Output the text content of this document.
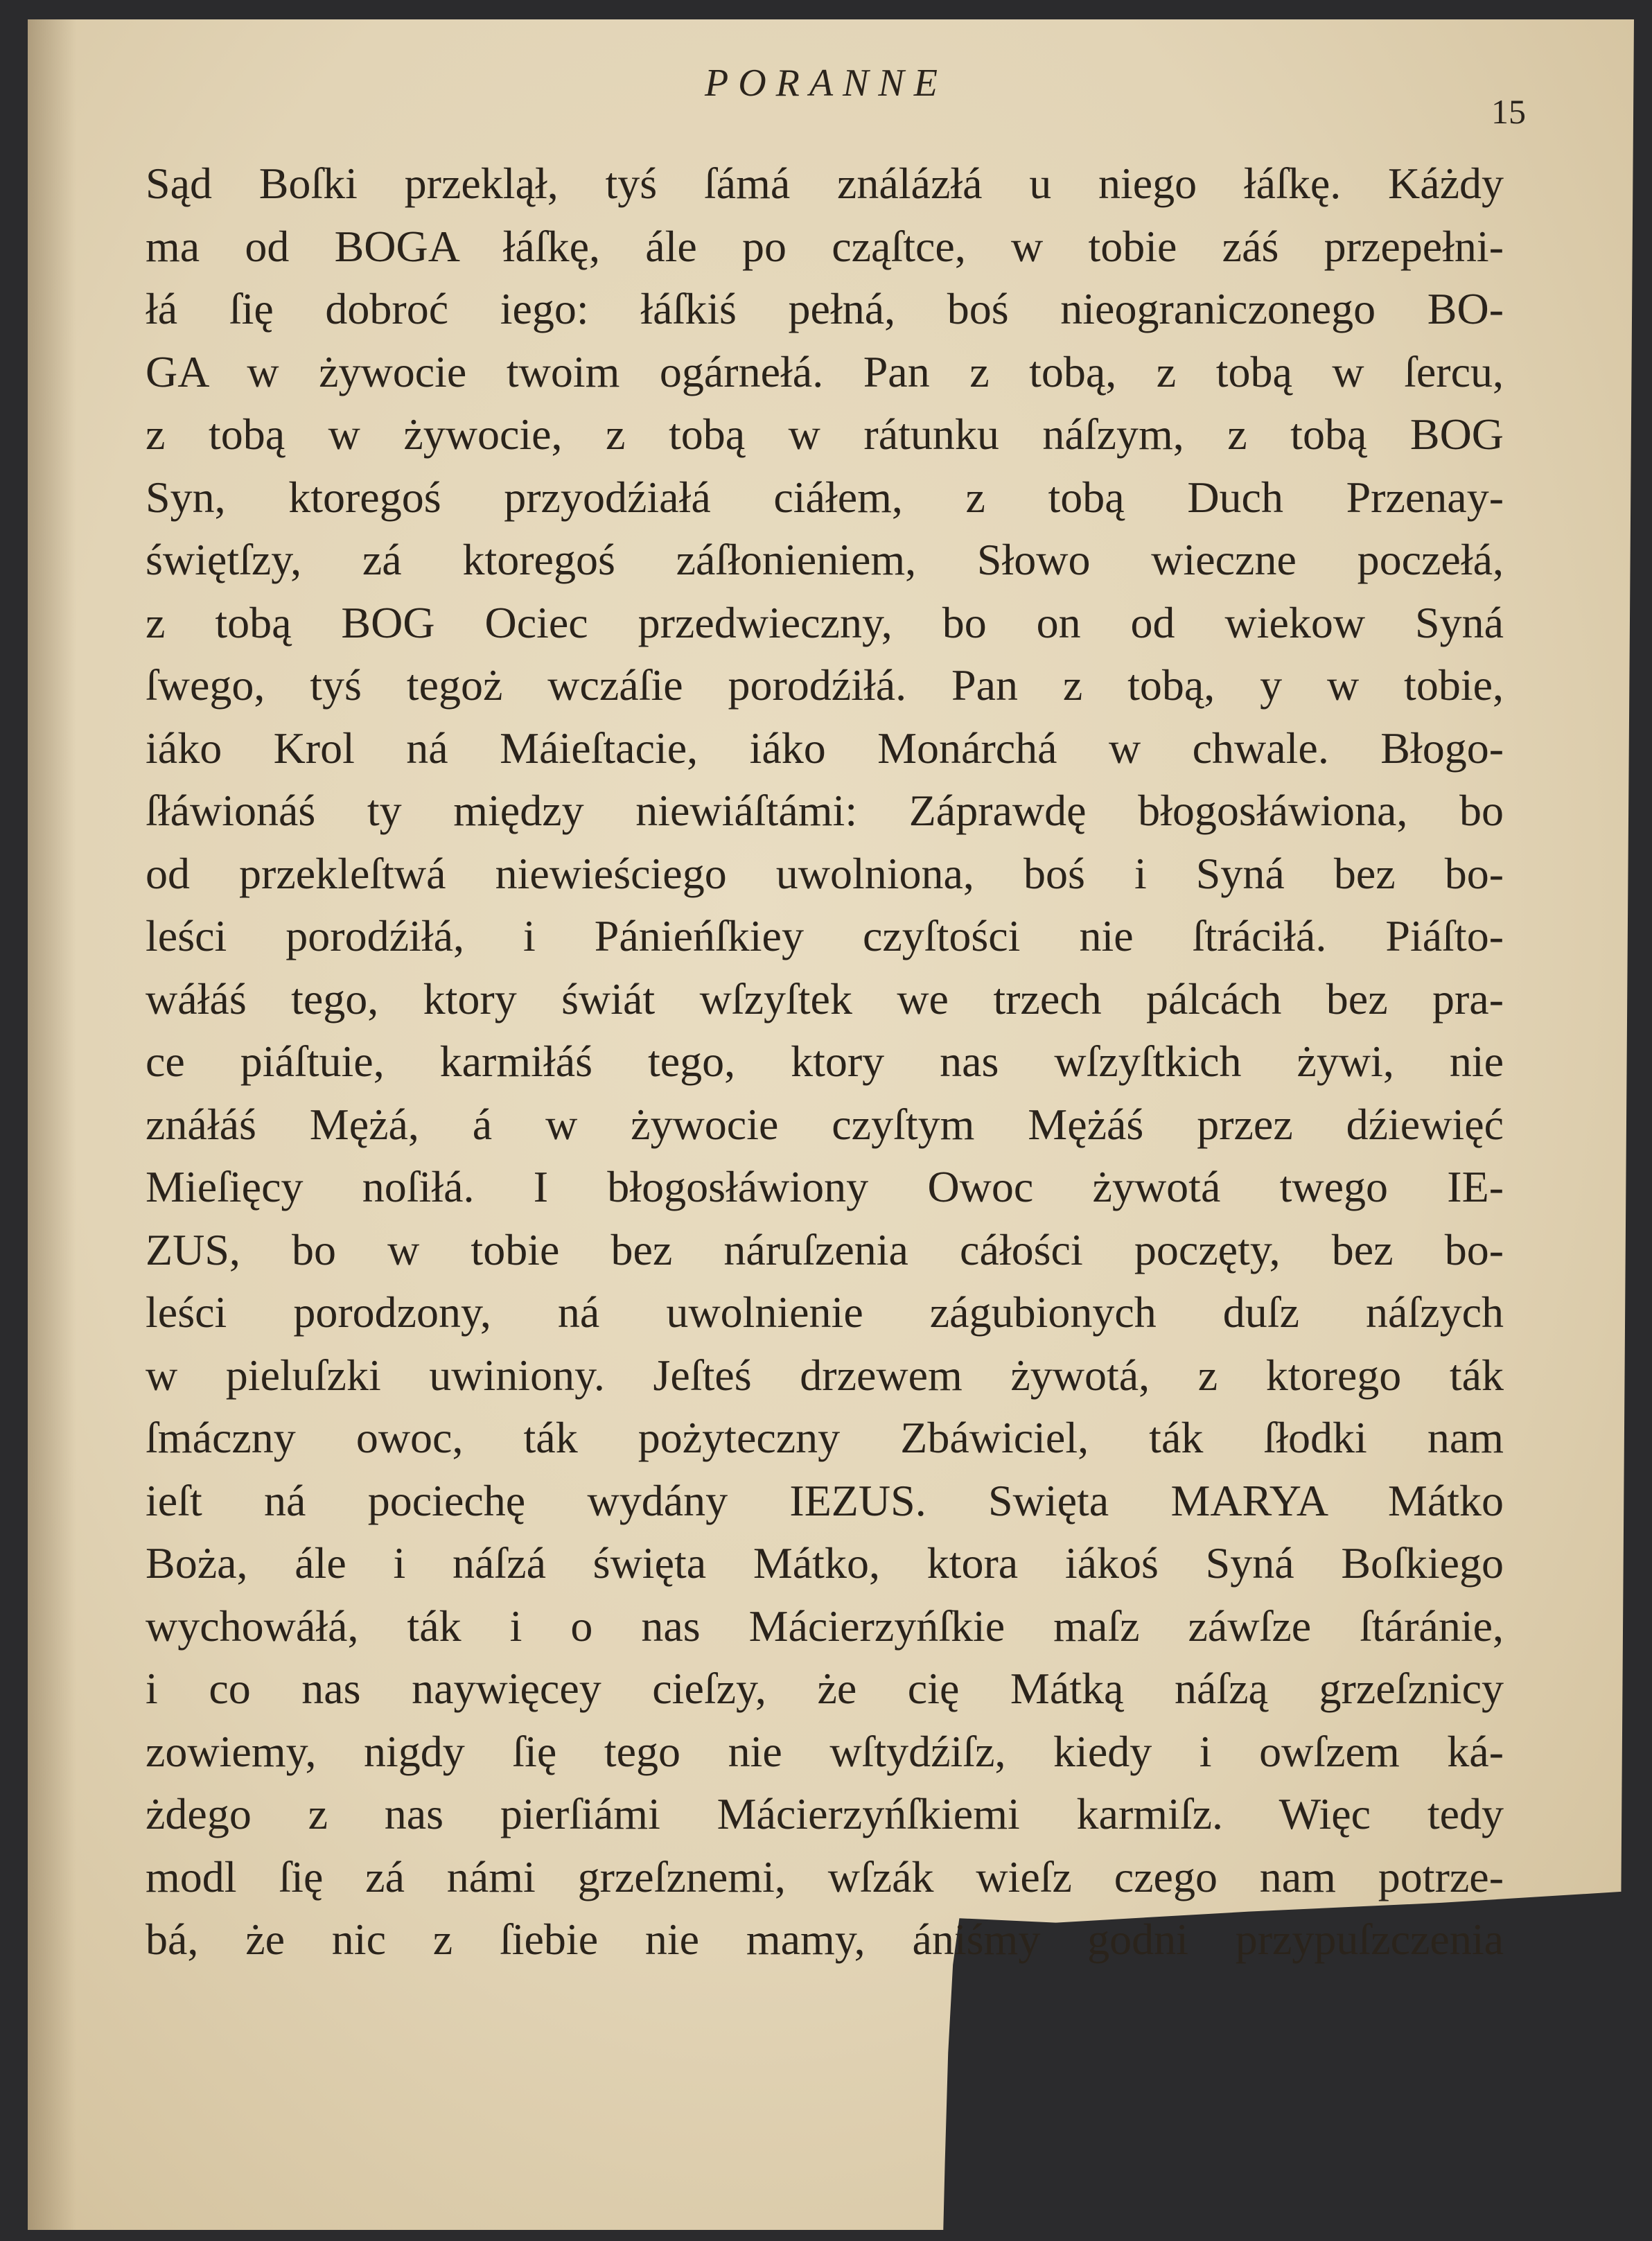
PORANNE
15
Sąd Boſki przeklął, tyś ſámá ználázłá u niego łáſkę. Káżdy
ma od BOGA łáſkę, ále po cząſtce, w tobie záś przepełni-
łá ſię dobroć iego: łáſkiś pełná, boś nieograniczonego BO-
GA w żywocie twoim ogárnełá. Pan z tobą, z tobą w ſercu,
z tobą w żywocie, z tobą w rátunku náſzym, z tobą BOG
Syn, ktoregoś przyodźiałá ciáłem, z tobą Duch Przenay-
świętſzy, zá ktoregoś záſłonieniem, Słowo wieczne poczełá,
z tobą BOG Ociec przedwieczny, bo on od wiekow Syná
ſwego, tyś tegoż wczáſie porodźiłá. Pan z tobą, y w tobie,
iáko Krol ná Máieſtacie, iáko Monárchá w chwale. Błogo-
ſłáwionáś ty między niewiáſtámi: Záprawdę błogosłáwiona, bo
od przekleſtwá niewieściego uwolniona, boś i Syná bez bo-
leści porodźiłá, i Pánieńſkiey czyſtości nie ſtráciłá. Piáſto-
wáłáś tego, ktory świát wſzyſtek we trzech pálcách bez pra-
ce piáſtuie, karmiłáś tego, ktory nas wſzyſtkich żywi, nie
znáłáś Mężá, á w żywocie czyſtym Mężáś przez dźiewięć
Mieſięcy noſiłá. I błogosłáwiony Owoc żywotá twego IE-
ZUS, bo w tobie bez náruſzenia cáłości poczęty, bez bo-
leści porodzony, ná uwolnienie zágubionych duſz náſzych
w pieluſzki uwiniony. Jeſteś drzewem żywotá, z ktorego ták
ſmáczny owoc, ták pożyteczny Zbáwiciel, ták ſłodki nam
ieſt ná pociechę wydány IEZUS. Swięta MARYA Mátko
Boża, ále i náſzá święta Mátko, ktora iákoś Syná Boſkiego
wychowáłá, ták i o nas Mácierzyńſkie maſz záwſze ſtáránie,
i co nas naywięcey cieſzy, że cię Mátką náſzą grzeſznicy
zowiemy, nigdy ſię tego nie wſtydźiſz, kiedy i owſzem ká-
żdego z nas pierſiámi Mácierzyńſkiemi karmiſz. Więc tedy
modl ſię zá námi grzeſznemi, wſzák wieſz czego nam potrze-
bá, że nic z ſiebie nie mamy, ániśmy godni przypuſzczenia
